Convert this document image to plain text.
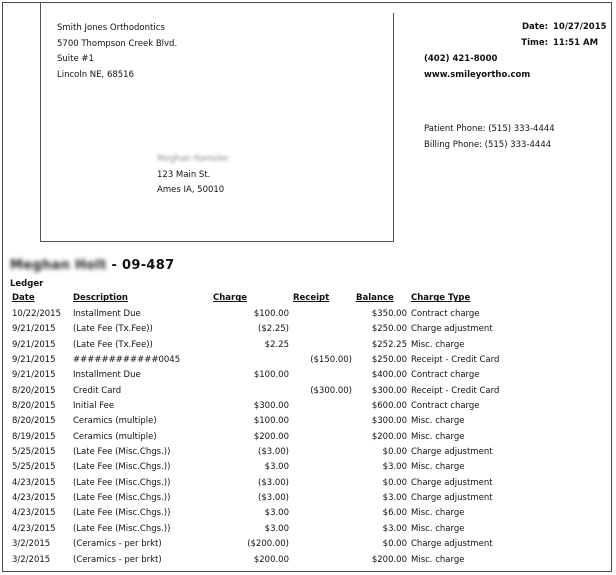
Smith Jones Orthodontics
5700 Thompson Creek Blvd.
Suite #1
Lincoln NE, 68516
Date: 10/27/2015
Time: 11:51 AM
(402) 421-8000
www.smileyortho.com
Patient Phone: (515) 333-4444
Billing Phone: (515) 333-4444
Meghan Hamsler
123 Main St.
Ames IA, 50010
Meghan Holt - 09-487
Ledger
Date	Description	Charge	Receipt	Balance	Charge Type
10/22/2015	Installment Due	$100.00		$350.00	Contract charge
9/21/2015	(Late Fee (Tx.Fee))	($2.25)		$250.00	Charge adjustment
9/21/2015	(Late Fee (Tx.Fee))	$2.25		$252.25	Misc. charge
9/21/2015	############0045		($150.00)	$250.00	Receipt - Credit Card
9/21/2015	Installment Due	$100.00		$400.00	Contract charge
8/20/2015	Credit Card		($300.00)	$300.00	Receipt - Credit Card
8/20/2015	Initial Fee	$300.00		$600.00	Contract charge
8/20/2015	Ceramics (multiple)	$100.00		$300.00	Misc. charge
8/19/2015	Ceramics (multiple)	$200.00		$200.00	Misc. charge
5/25/2015	(Late Fee (Misc.Chgs.))	($3.00)		$0.00	Charge adjustment
5/25/2015	(Late Fee (Misc.Chgs.))	$3.00		$3.00	Misc. charge
4/23/2015	(Late Fee (Misc.Chgs.))	($3.00)		$0.00	Charge adjustment
4/23/2015	(Late Fee (Misc.Chgs.))	($3.00)		$3.00	Charge adjustment
4/23/2015	(Late Fee (Misc.Chgs.))	$3.00		$6.00	Misc. charge
4/23/2015	(Late Fee (Misc.Chgs.))	$3.00		$3.00	Misc. charge
3/2/2015	(Ceramics - per brkt)	($200.00)		$0.00	Charge adjustment
3/2/2015	(Ceramics - per brkt)	$200.00		$200.00	Misc. charge
